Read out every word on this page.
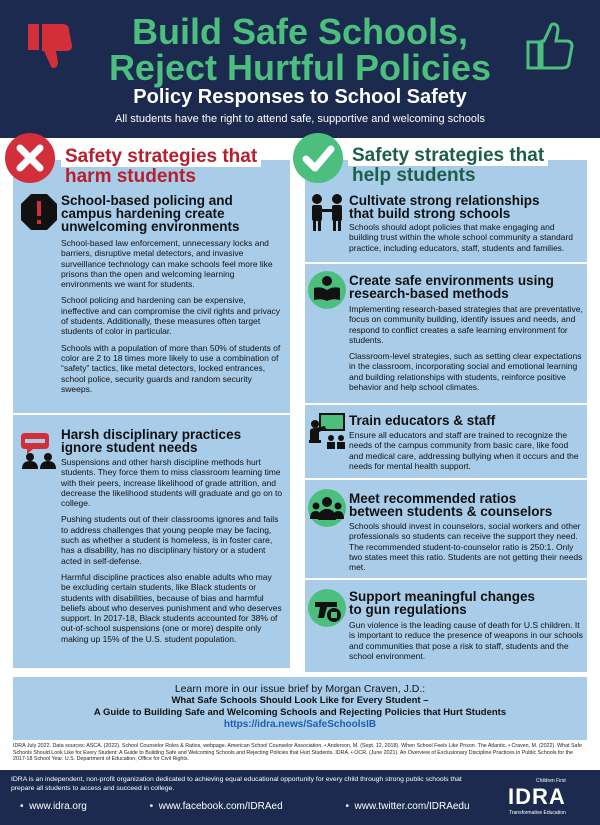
Build Safe Schools,
Reject Hurtful Policies
Policy Responses to School Safety
All students have the right to attend safe, supportive and welcoming schools
Safety strategies that
harm students
School-based policing and
campus hardening create
unwelcoming environments

School-based law enforcement, unnecessary locks and barriers, disruptive metal detectors, and invasive surveillance technology can make schools feel more like prisons than the open and welcoming learning environments we want for students.

School policing and hardening can be expensive, ineffective and can compromise the civil rights and privacy of students. Additionally, these measures often target students of color in particular.

Schools with a population of more than 50% of students of color are 2 to 18 times more likely to use a combination of “safety” tactics, like metal detectors, locked entrances, school police, security guards and random security sweeps.

Harsh disciplinary practices
ignore student needs

Suspensions and other harsh discipline methods hurt students. They force them to miss classroom learning time with their peers, increase likelihood of grade attrition, and decrease the likelihood students will graduate and go on to college.

Pushing students out of their classrooms ignores and fails to address challenges that young people may be facing, such as whether a student is homeless, is in foster care, has a disability, has no disciplinary history or a student acted in self-defense.

Harmful discipline practices also enable adults who may be excluding certain students, like Black students or students with disabilities, because of bias and harmful beliefs about who deserves punishment and who deserves support. In 2017-18, Black students accounted for 38% of out-of-school suspensions (one or more) despite only making up 15% of the U.S. student population.

Safety strategies that
help students
Cultivate strong relationships
that build strong schools

Schools should adopt policies that make engaging and building trust within the whole school community a standard practice, including educators, staff, students and families.

Create safe environments using
research-based methods

Implementing research-based strategies that are preventative, focus on community building, identify issues and needs, and respond to conflict creates a safe learning environment for students.

Classroom-level strategies, such as setting clear expectations in the classroom, incorporating social and emotional learning and building relationships with students, reinforce positive behavior and help school climates.

Train educators & staff

Ensure all educators and staff are trained to recognize the needs of the campus community from basic care, like food and medical care, addressing bullying when it occurs and the needs for mental health support.

Meet recommended ratios
between students & counselors

Schools should invest in counselors, social workers and other professionals so students can receive the support they need. The recommended student-to-counselor ratio is 250:1. Only two states meet this ratio. Students are not getting their needs met.

Support meaningful changes
to gun regulations

Gun violence is the leading cause of death for U.S children. It is important to reduce the presence of weapons in our schools and communities that pose a risk to staff, students and the school environment.

Learn more in our issue brief by Morgan Craven, J.D.:
What Safe Schools Should Look Like for Every Student –
A Guide to Building Safe and Welcoming Schools and Rejecting Policies that Hurt Students
https://idra.news/SafeSchoolsIB
IDRA July 2022. Data sources: ASCA. (2022). School Counselor Roles & Ratios, webpage. American School Counselor Association. • Anderson, M. (Sept. 12, 2018). When School Feels Like Prison. The Atlantic. • Craven, M. (2022). What Safe Schools Should Look Like for Every Student: A Guide to Building Safe and Welcoming Schools and Rejecting Policies that Hurt Students. IDRA. • OCR. (June 2021). An Overview of Exclusionary Discipline Practices in Public Schools for the 2017-18 School Year. U.S. Department of Education, Office for Civil Rights.
IDRA is an independent, non-profit organization dedicated to achieving equal educational opportunity for every child through strong public schools that prepare all students to access and succeed in college.
•  www.idra.org	•  www.facebook.com/IDRAed	•  www.twitter.com/IDRAedu
Children First
IDRA
Transformative Education
